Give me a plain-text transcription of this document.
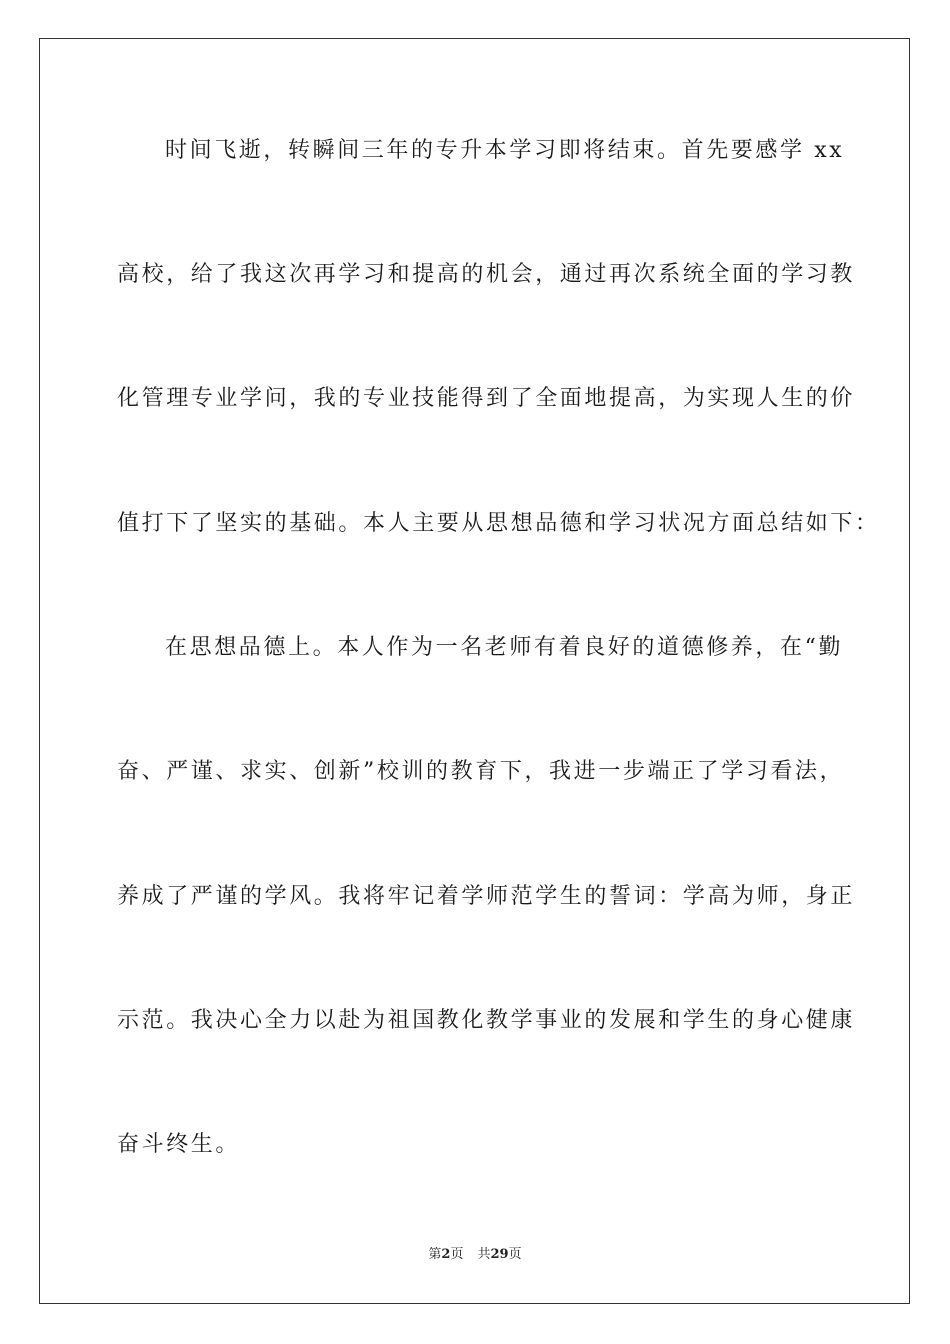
时间飞逝，转瞬间三年的专升本学习即将结束。首先要感学 xx
高校，给了我这次再学习和提高的机会，通过再次系统全面的学习教
化管理专业学问，我的专业技能得到了全面地提高，为实现人生的价
值打下了坚实的基础。本人主要从思想品德和学习状况方面总结如下：
在思想品德上。本人作为一名老师有着良好的道德修养，在“勤
奋、严谨、求实、创新”校训的教育下，我进一步端正了学习看法，
养成了严谨的学风。我将牢记着学师范学生的誓词：学高为师，身正
示范。我决心全力以赴为祖国教化教学事业的发展和学生的身心健康
奋斗终生。
第2页 共29页
